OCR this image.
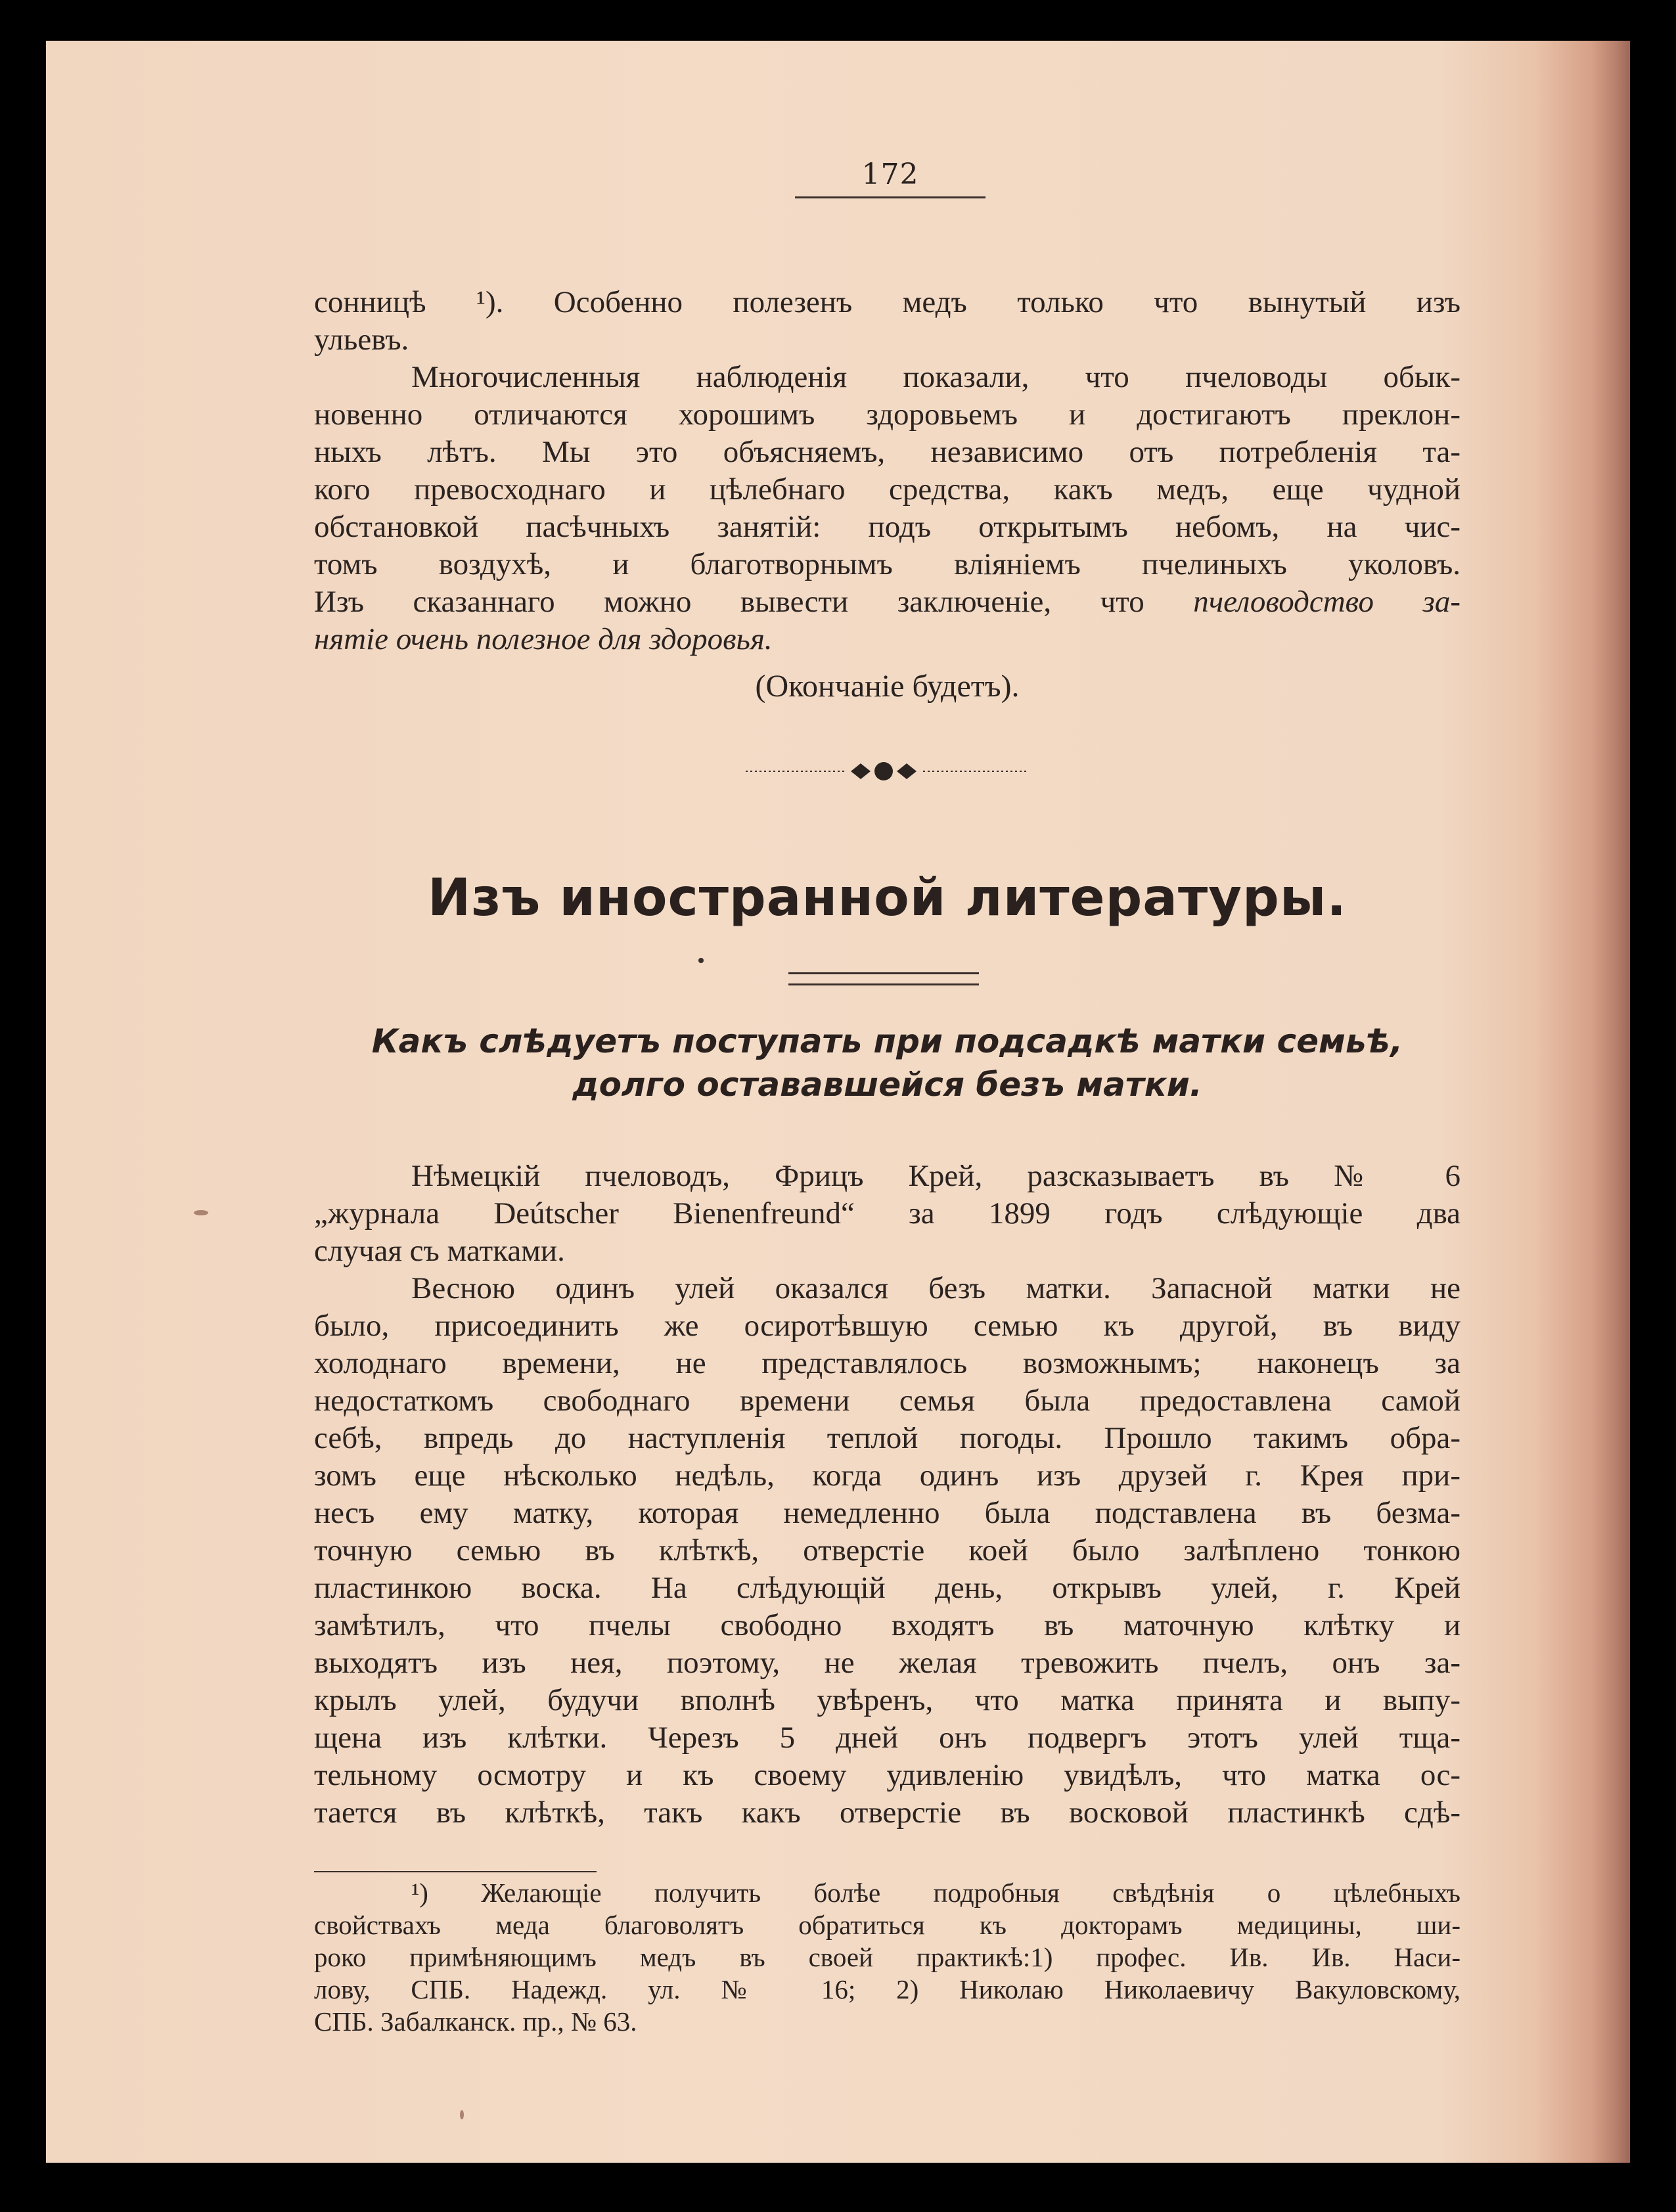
172
сонницѣ ¹). Особенно полезенъ медъ только что вынутый изъ
ульевъ.
Многочисленныя наблюденія показали, что пчеловоды обык-
новенно отличаются хорошимъ здоровьемъ и достигаютъ преклон-
ныхъ лѣтъ. Мы это объясняемъ, независимо отъ потребленія та-
кого превосходнаго и цѣлебнаго средства, какъ медъ, еще чудной
обстановкой пасѣчныхъ занятій: подъ открытымъ небомъ, на чис-
томъ воздухѣ, и благотворнымъ вліяніемъ пчелиныхъ уколовъ.
Изъ сказаннаго можно вывести заключеніе, что пчеловодство за-
нятіе очень полезное для здоровья.
(Окончаніе будетъ).
Изъ иностранной литературы.
Какъ слѣдуетъ поступать при подсадкѣ матки семьѣ,
долго остававшейся безъ матки.
Нѣмецкій пчеловодъ, Фрицъ Крей, разсказываетъ въ № 6
„журнала Deútscher Bienenfreund“ за 1899 годъ слѣдующіе два
случая съ матками.
Весною одинъ улей оказался безъ матки. Запасной матки не
было, присоединить же осиротѣвшую семью къ другой, въ виду
холоднаго времени, не представлялось возможнымъ; наконецъ за
недостаткомъ свободнаго времени семья была предоставлена самой
себѣ, впредь до наступленія теплой погоды. Прошло такимъ обра-
зомъ еще нѣсколько недѣль, когда одинъ изъ друзей г. Крея при-
несъ ему матку, которая немедленно была подставлена въ безма-
точную семью въ клѣткѣ, отверстіе коей было залѣплено тонкою
пластинкою воска. На слѣдующій день, открывъ улей, г. Крей
замѣтилъ, что пчелы свободно входятъ въ маточную клѣтку и
выходятъ изъ нея, поэтому, не желая тревожить пчелъ, онъ за-
крылъ улей, будучи вполнѣ увѣренъ, что матка принята и выпу-
щена изъ клѣтки. Черезъ 5 дней онъ подвергъ этотъ улей тща-
тельному осмотру и къ своему удивленію увидѣлъ, что матка ос-
тается въ клѣткѣ, такъ какъ отверстіе въ восковой пластинкѣ сдѣ-
¹) Желающіе получить болѣе подробныя свѣдѣнія о цѣлебныхъ
свойствахъ меда благоволятъ обратиться къ докторамъ медицины, ши-
роко примѣняющимъ медъ въ своей практикѣ:1) профес. Ив. Ив. Наси-
лову, СПБ. Надежд. ул. № 16; 2) Николаю Николаевичу Вакуловскому,
СПБ. Забалканск. пр., № 63.
